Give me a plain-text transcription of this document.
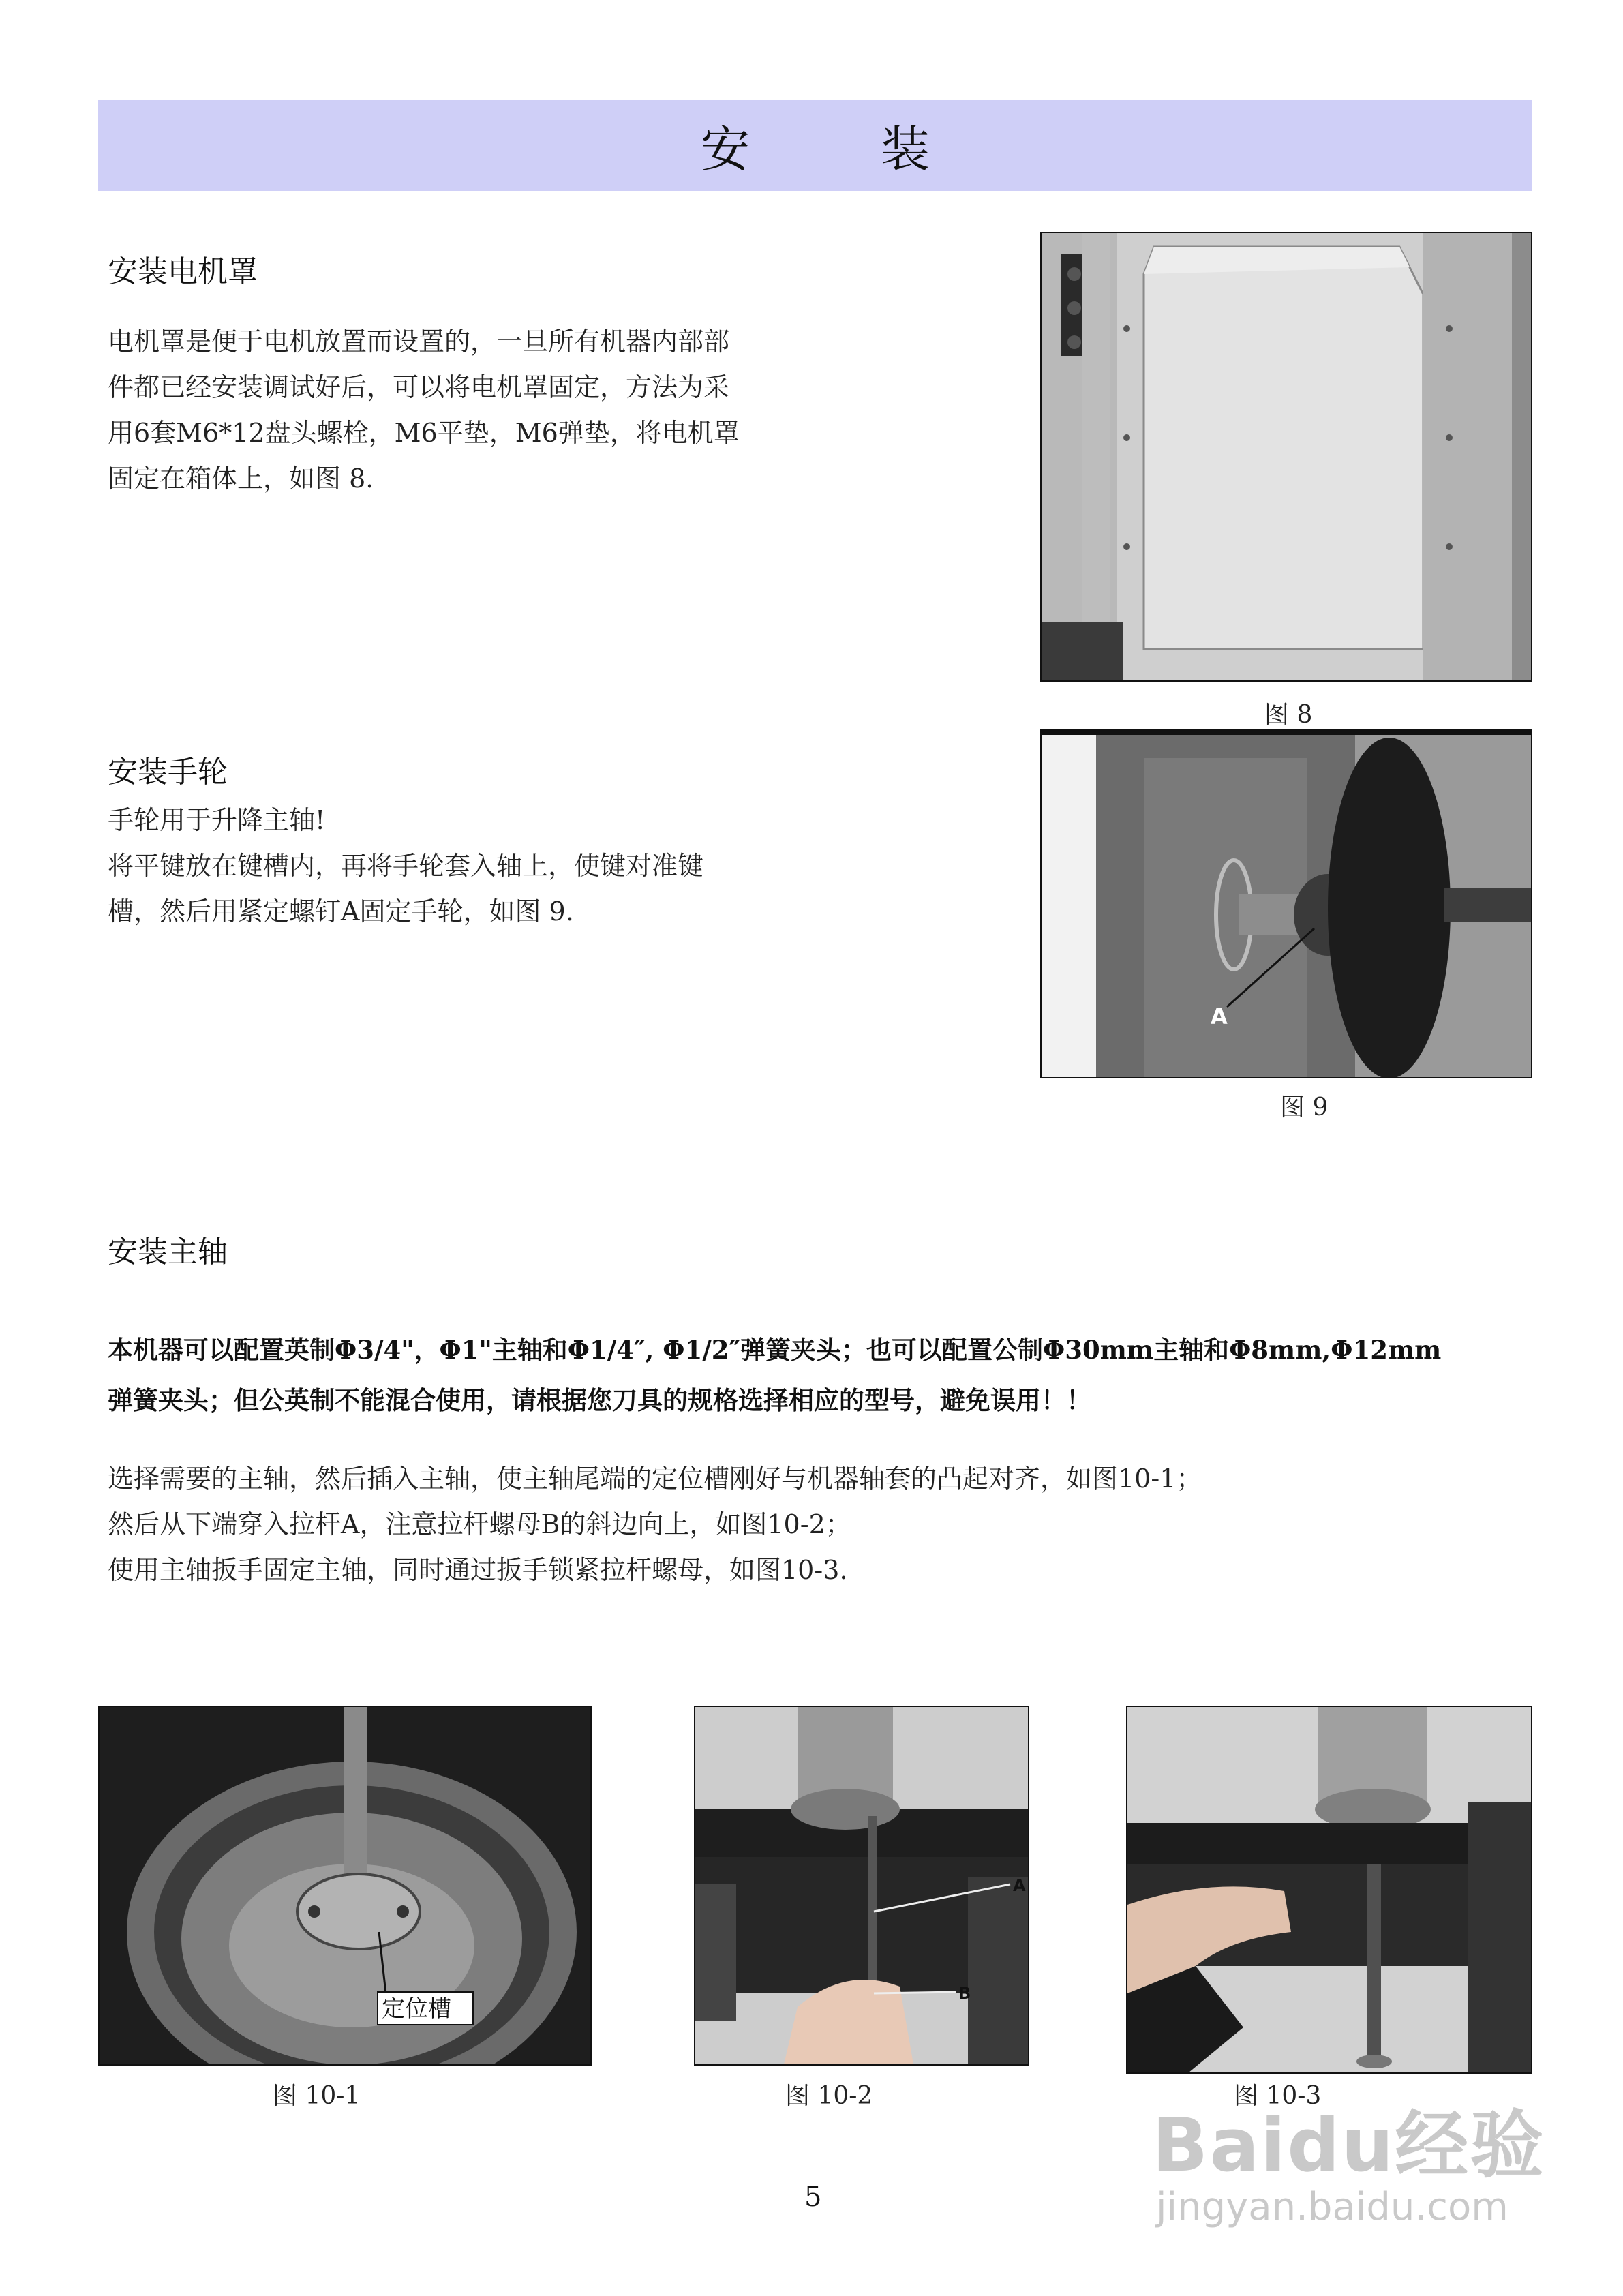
安　装
安装电机罩
电机罩是便于电机放置而设置的，一旦所有机器内部部
件都已经安装调试好后，可以将电机罩固定，方法为采
用6套M6*12盘头螺栓，M6平垫，M6弹垫，将电机罩
固定在箱体上，如图 8.
图 8
安装手轮
手轮用于升降主轴!
将平键放在键槽内，再将手轮套入轴上，使键对准键
槽，然后用紧定螺钉A固定手轮，如图 9.
A
图 9
安装主轴
本机器可以配置英制Φ3/4"，Φ1"主轴和Φ1/4″, Φ1/2″弹簧夹头；也可以配置公制Φ30mm主轴和Φ8mm,Φ12mm
弹簧夹头；但公英制不能混合使用，请根据您刀具的规格选择相应的型号，避免误用！！
选择需要的主轴，然后插入主轴，使主轴尾端的定位槽刚好与机器轴套的凸起对齐，如图10-1；
然后从下端穿入拉杆A，注意拉杆螺母B的斜边向上，如图10-2；
使用主轴扳手固定主轴，同时通过扳手锁紧拉杆螺母，如图10-3.
定位槽
图 10-1
A
B
图 10-2	图 10-3
5
Baidu经验
jingyan.baidu.com
